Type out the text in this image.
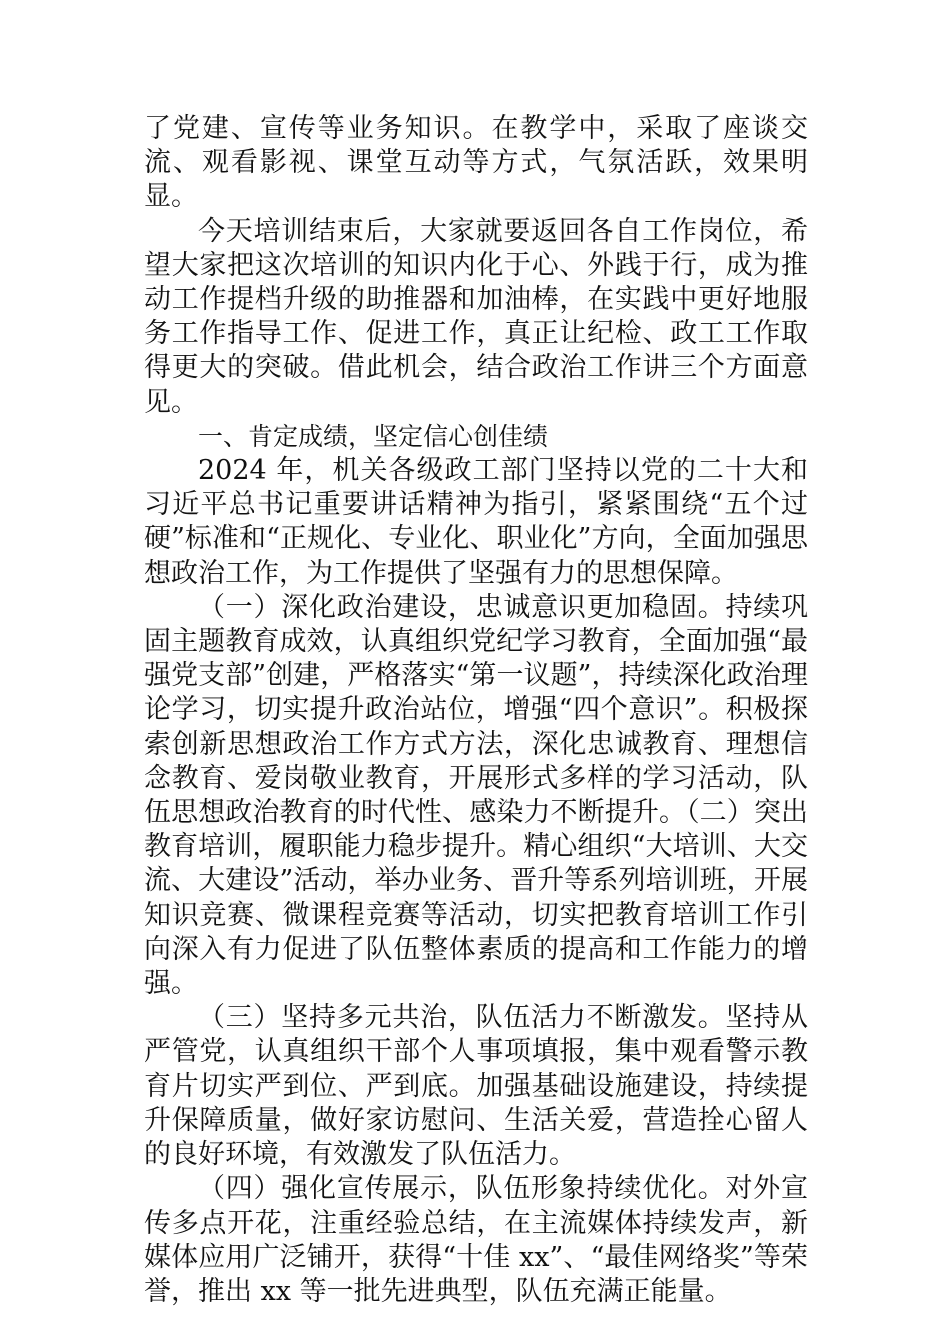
了党建、宣传等业务知识。在教学中，采取了座谈交流、观看影视、课堂互动等方式，气氛活跃，效果明显。

今天培训结束后，大家就要返回各自工作岗位，希望大家把这次培训的知识内化于心、外践于行，成为推动工作提档升级的助推器和加油棒，在实践中更好地服务工作指导工作、促进工作，真正让纪检、政工工作取得更大的突破。借此机会，结合政治工作讲三个方面意见。

一、肯定成绩，坚定信心创佳绩

2024 年，机关各级政工部门坚持以党的二十大和习近平总书记重要讲话精神为指引，紧紧围绕“五个过硬”标准和“正规化、专业化、职业化”方向，全面加强思想政治工作，为工作提供了坚强有力的思想保障。

（一）深化政治建设，忠诚意识更加稳固。持续巩固主题教育成效，认真组织党纪学习教育，全面加强“最强党支部”创建，严格落实“第一议题”，持续深化政治理论学习，切实提升政治站位，增强“四个意识”。积极探索创新思想政治工作方式方法，深化忠诚教育、理想信念教育、爱岗敬业教育，开展形式多样的学习活动，队伍思想政治教育的时代性、感染力不断提升。（二）突出教育培训，履职能力稳步提升。精心组织“大培训、大交流、大建设”活动，举办业务、晋升等系列培训班，开展知识竞赛、微课程竞赛等活动，切实把教育培训工作引向深入有力促进了队伍整体素质的提高和工作能力的增强。

（三）坚持多元共治，队伍活力不断激发。坚持从严管党，认真组织干部个人事项填报，集中观看警示教育片切实严到位、严到底。加强基础设施建设，持续提升保障质量，做好家访慰问、生活关爱，营造拴心留人的良好环境，有效激发了队伍活力。

（四）强化宣传展示，队伍形象持续优化。对外宣传多点开花，注重经验总结，在主流媒体持续发声，新媒体应用广泛铺开，获得“十佳 xx”、“最佳网络奖”等荣誉，推出 xx 等一批先进典型，队伍充满正能量。
